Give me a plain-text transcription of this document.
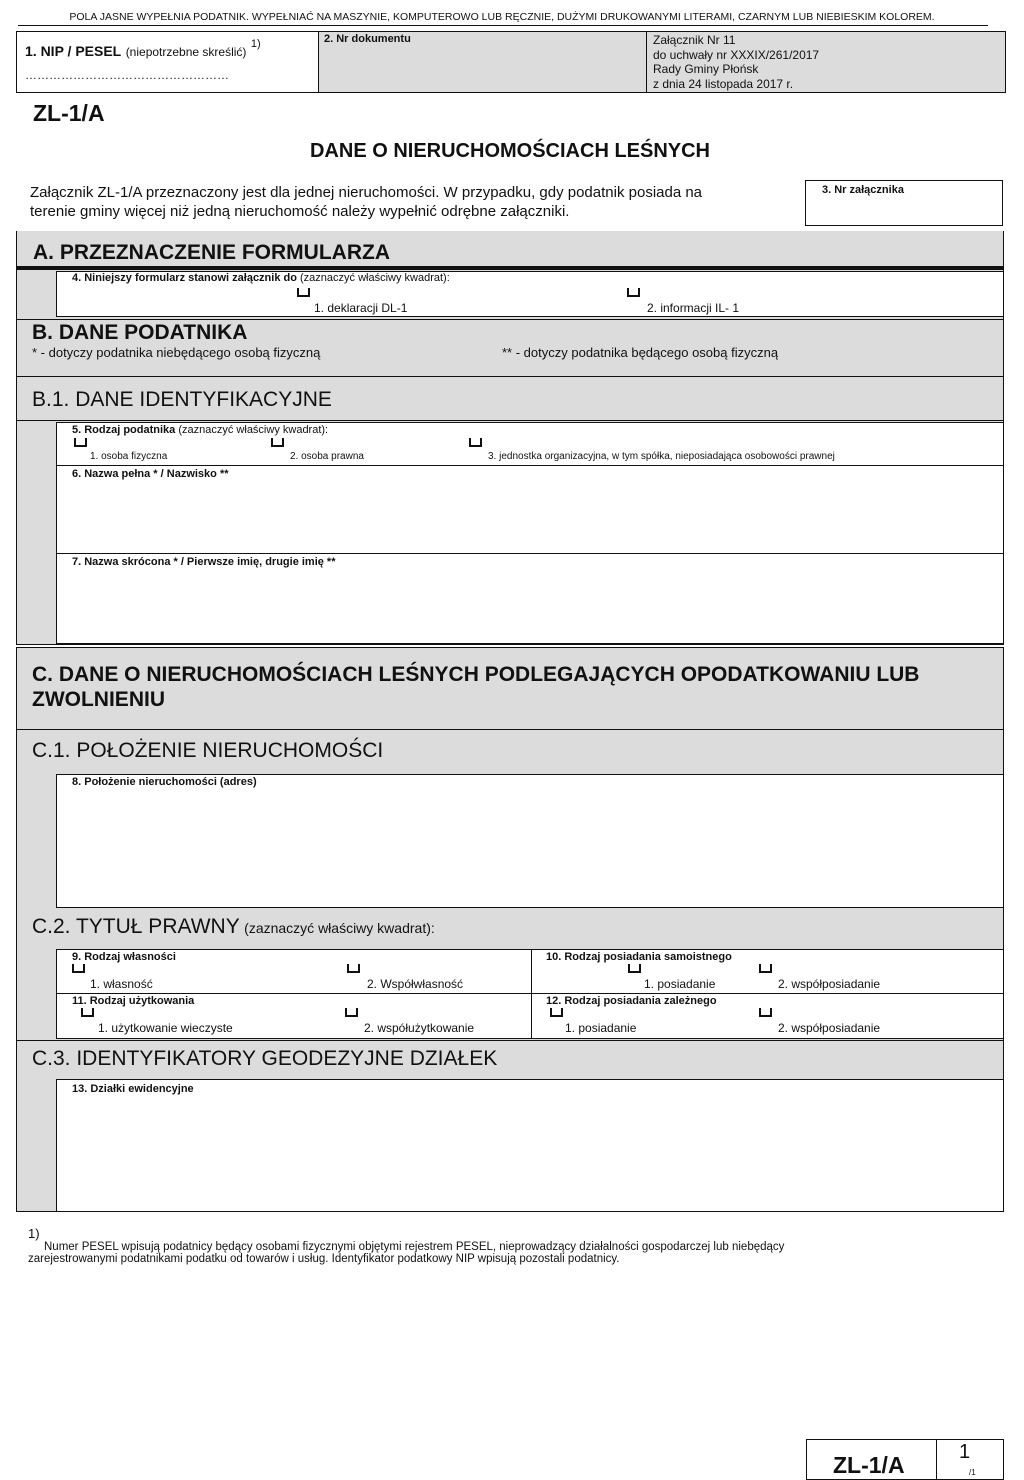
POLA JASNE WYPEŁNIA PODATNIK. WYPEŁNIAĆ NA MASZYNIE, KOMPUTEROWO LUB RĘCZNIE, DUŻYMI DRUKOWANYMI LITERAMI, CZARNYM LUB NIEBIESKIM KOLOREM.
1. NIP / PESEL (niepotrzebne skreślić) $^{1)}$
……………………………………………
2. Nr dokumentu	Załącznik Nr 11
do uchwały nr XXXIX/261/2017
Rady Gminy Płońsk
z dnia 24 listopada 2017 r.
ZL-1/A
DANE O NIERUCHOMOŚCIACH LEŚNYCH
Załącznik ZL-1/A przeznaczony jest dla jednej nieruchomości. W przypadku, gdy podatnik posiada na
terenie gminy więcej niż jedną nieruchomość należy wypełnić odrębne załączniki.
3. Nr załącznika
A. PRZEZNACZENIE FORMULARZA
4. Niniejszy formularz stanowi załącznik do (zaznaczyć właściwy kwadrat):
1. deklaracji DL-1	2. informacji IL- 1
B. DANE PODATNIKA
* - dotyczy podatnika niebędącego osobą fizyczną	** - dotyczy podatnika będącego osobą fizyczną
B.1. DANE IDENTYFIKACYJNE
5. Rodzaj podatnika (zaznaczyć właściwy kwadrat):
1. osoba fizyczna	2. osoba prawna	3. jednostka organizacyjna, w tym spółka, nieposiadająca osobowości prawnej
6. Nazwa pełna * / Nazwisko **
7. Nazwa skrócona * / Pierwsze imię, drugie imię **
C. DANE O NIERUCHOMOŚCIACH LEŚNYCH PODLEGAJĄCYCH OPODATKOWANIU LUB
ZWOLNIENIU
C.1. POŁOŻENIE NIERUCHOMOŚCI
8. Położenie nieruchomości (adres)
C.2. TYTUŁ PRAWNY (zaznaczyć właściwy kwadrat):
9. Rodzaj własności
1. własność	2. Współwłasność
10. Rodzaj posiadania samoistnego
1. posiadanie	2. współposiadanie
11. Rodzaj użytkowania
1. użytkowanie wieczyste	2. współużytkowanie
12. Rodzaj posiadania zależnego
1. posiadanie	2. współposiadanie
C.3. IDENTYFIKATORY GEODEZYJNE DZIAŁEK
13. Działki ewidencyjne
1)
Numer PESEL wpisują podatnicy będący osobami fizycznymi objętymi rejestrem PESEL, nieprowadzący działalności gospodarczej lub niebędący
zarejestrowanymi podatnikami podatku od towarów i usług. Identyfikator podatkowy NIP wpisują pozostali podatnicy.
ZL-1/A	1
/1
